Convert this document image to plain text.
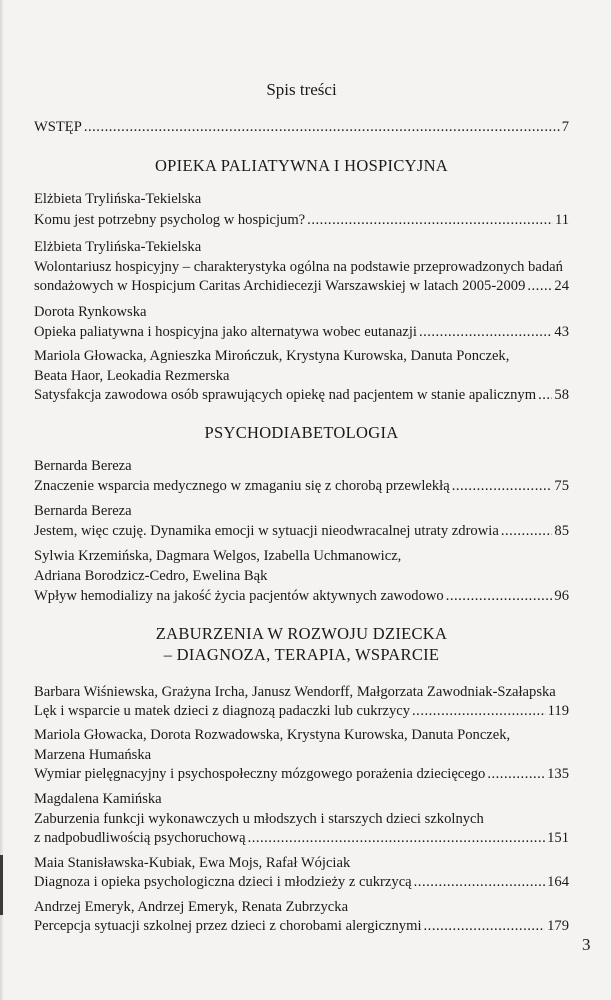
Spis treści
WSTĘP .....	7
OPIEKA PALIATYWNA I HOSPICYJNA
Elżbieta Trylińska-Tekielska
Komu jest potrzebny psycholog w hospicjum? .....	11
Elżbieta Trylińska-Tekielska
Wolontariusz hospicyjny – charakterystyka ogólna na podstawie przeprowadzonych badań
sondażowych w Hospicjum Caritas Archidiecezji Warszawskiej w latach 2005-2009 ..... 24
Dorota Rynkowska
Opieka paliatywna i hospicyjna jako alternatywa wobec eutanazji .....	43
Mariola Głowacka, Agnieszka Mirończuk, Krystyna Kurowska, Danuta Ponczek,
Beata Haor, Leokadia Rezmerska
Satysfakcja zawodowa osób sprawujących opiekę nad pacjentem w stanie apalicznym ..... 58
PSYCHODIABETOLOGIA
Bernarda Bereza
Znaczenie wsparcia medycznego w zmaganiu się z chorobą przewlekłą .....	75
Bernarda Bereza
Jestem, więc czuję. Dynamika emocji w sytuacji nieodwracalnej utraty zdrowia .....	85
Sylwia Krzemińska, Dagmara Welgos, Izabella Uchmanowicz,
Adriana Borodzicz-Cedro, Ewelina Bąk
Wpływ hemodializy na jakość życia pacjentów aktywnych zawodowo .....	96
ZABURZENIA W ROZWOJU DZIECKA
– DIAGNOZA, TERAPIA, WSPARCIE
Barbara Wiśniewska, Grażyna Ircha, Janusz Wendorff, Małgorzata Zawodniak-Szałapska
Lęk i wsparcie u matek dzieci z diagnozą padaczki lub cukrzycy .....	119
Mariola Głowacka, Dorota Rozwadowska, Krystyna Kurowska, Danuta Ponczek,
Marzena Humańska
Wymiar pielęgnacyjny i psychospołeczny mózgowego porażenia dziecięcego .....	135
Magdalena Kamińska
Zaburzenia funkcji wykonawczych u młodszych i starszych dzieci szkolnych
z nadpobudliwością psychoruchową .....	151
Maia Stanisławska-Kubiak, Ewa Mojs, Rafał Wójciak
Diagnoza i opieka psychologiczna dzieci i młodzieży z cukrzycą .....	164
Andrzej Emeryk, Andrzej Emeryk, Renata Zubrzycka
Percepcja sytuacji szkolnej przez dzieci z chorobami alergicznymi .....	179
3
